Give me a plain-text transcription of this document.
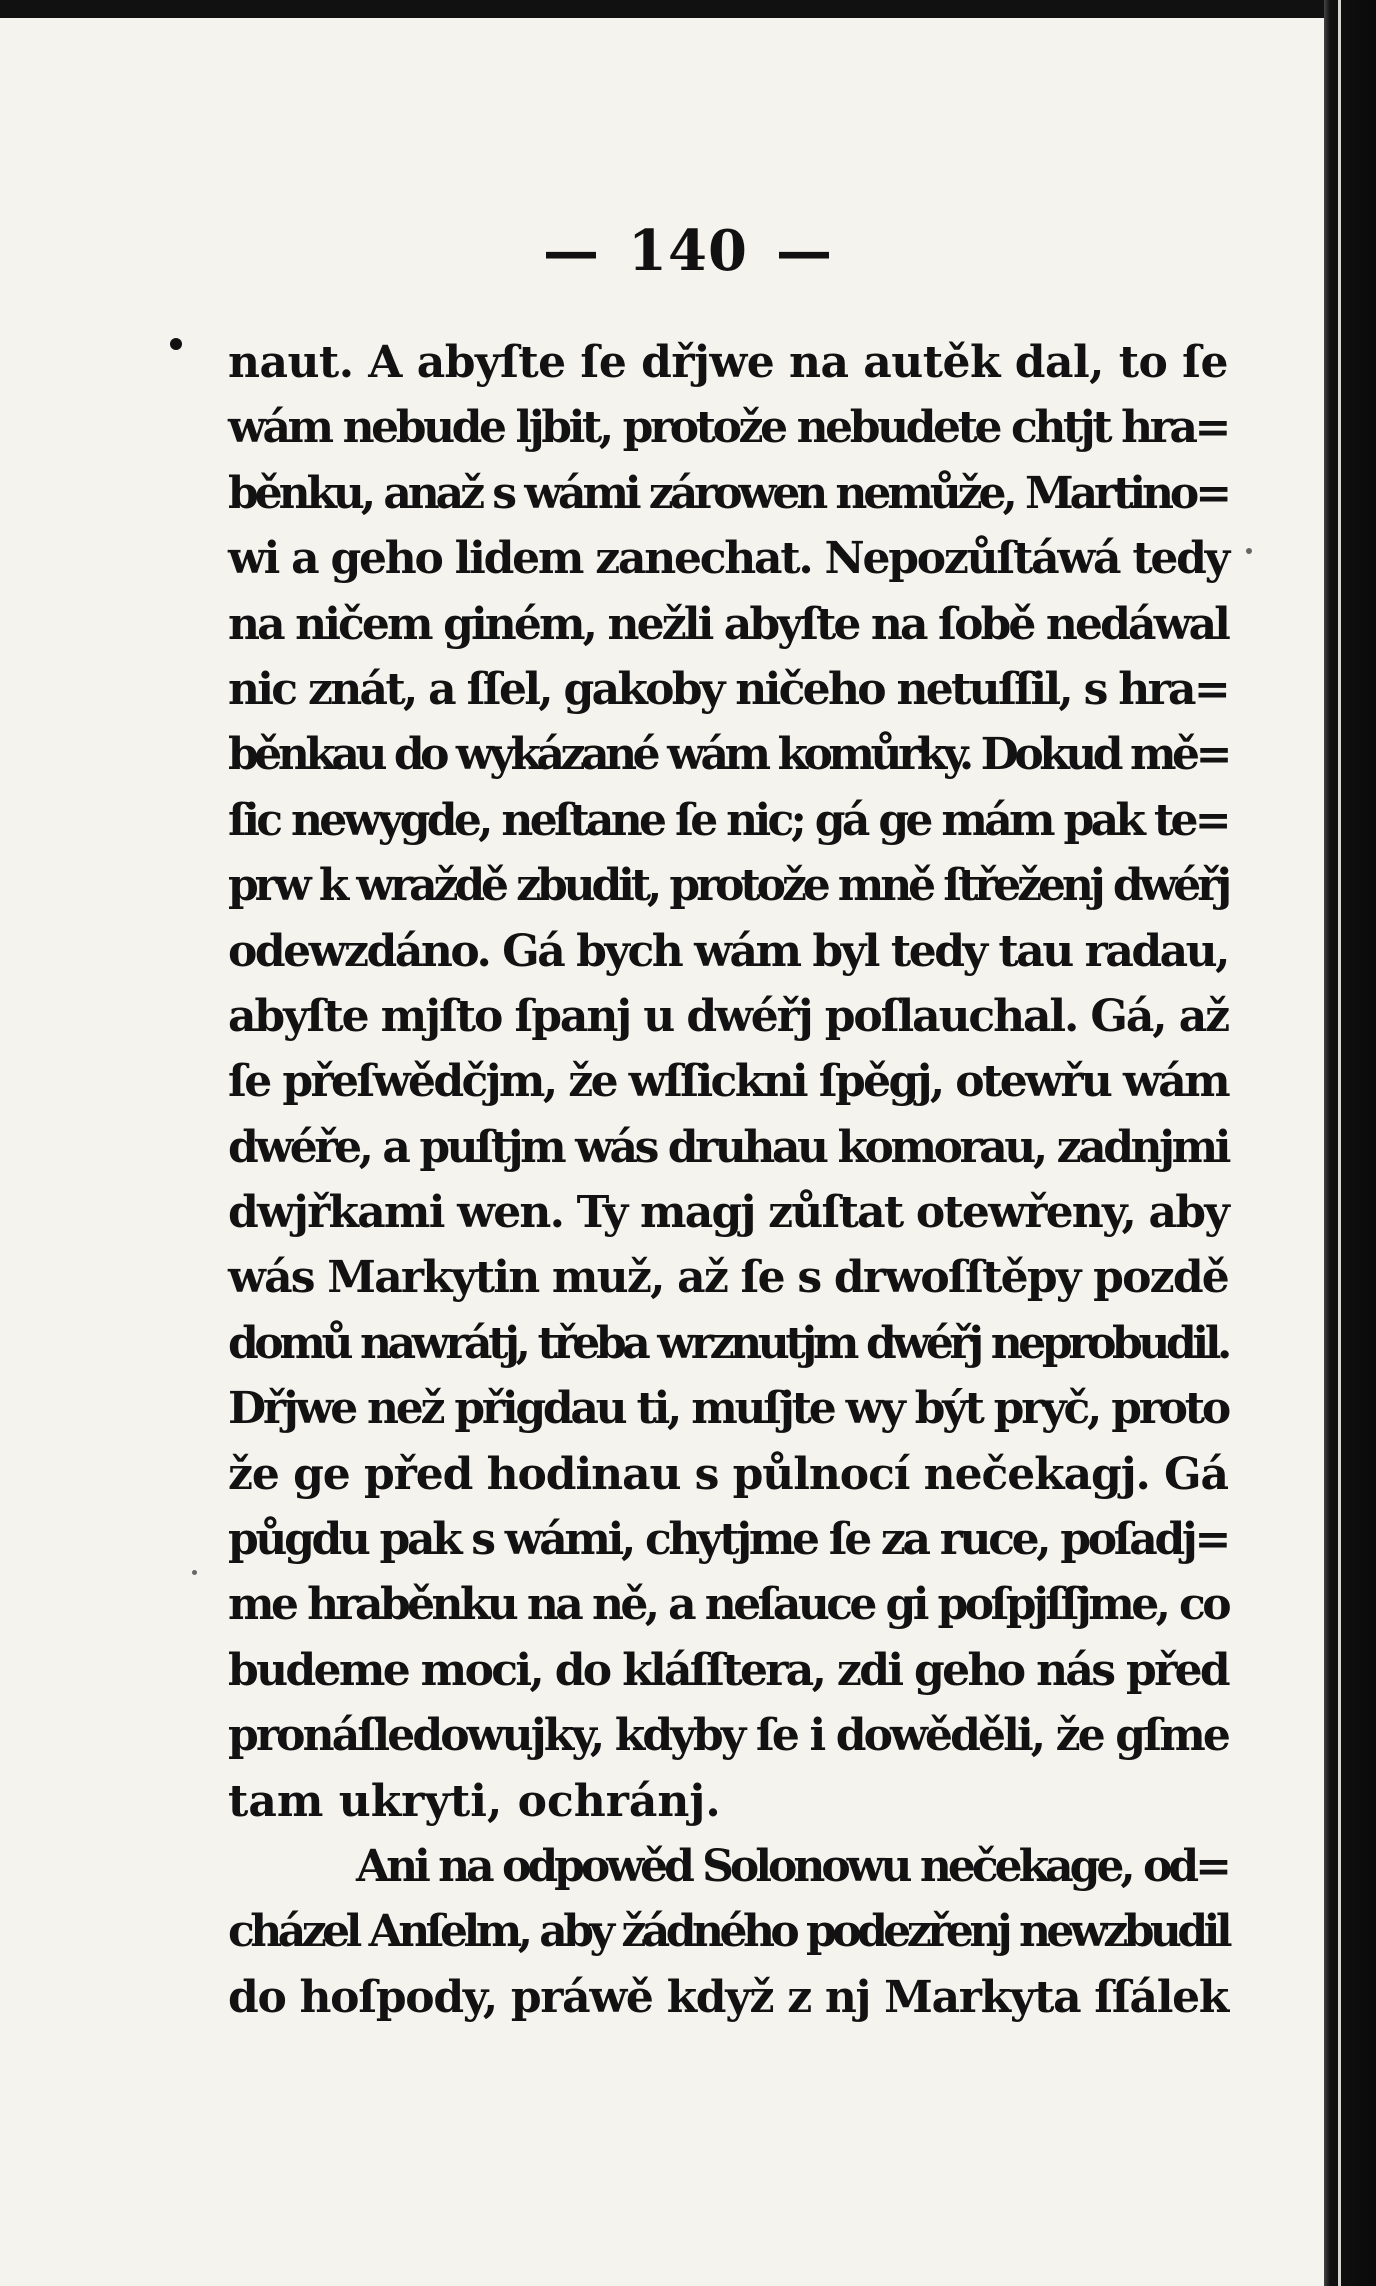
— 140 —
naut. A abyſte ſe dřjwe na autěk dal, to ſe
wám nebude ljbit, protože nebudete chtjt hra=
běnku, anaž s wámi zárowen nemůže, Martino=
wi a geho lidem zanechat. Nepozůſtáwá tedy
na ničem giném, nežli abyſte na ſobě nedáwal
nic znát, a ſſel, gakoby ničeho netuſſil, s hra=
běnkau do wykázané wám komůrky. Dokud mě=
ſic newygde, neſtane ſe nic; gá ge mám pak te=
prw k wraždě zbudit, protože mně ſtřeženj dwéřj
odewzdáno. Gá bych wám byl tedy tau radau,
abyſte mjſto ſpanj u dwéřj poſlauchal. Gá, až
ſe přeſwědčjm, že wſſickni ſpěgj, otewřu wám
dwéře, a puſtjm wás druhau komorau, zadnjmi
dwjřkami wen. Ty magj zůſtat otewřeny, aby
wás Markytin muž, až ſe s drwoſſtěpy pozdě
domů nawrátj, třeba wrznutjm dwéřj neprobudil.
Dřjwe než přigdau ti, muſjte wy být pryč, proto
že ge před hodinau s půlnocí nečekagj. Gá
půgdu pak s wámi, chytjme ſe za ruce, poſadj=
me hraběnku na ně, a neſauce gi poſpjſſjme, co
budeme moci, do kláſſtera, zdi geho nás před
pronáſledowujky, kdyby ſe i dowěděli, že gſme
tam ukryti, ochránj.
Ani na odpowěd Solonowu nečekage, od=
cházel Anſelm, aby žádného podezřenj newzbudil
do hoſpody, práwě když z nj Markyta ſſálek
